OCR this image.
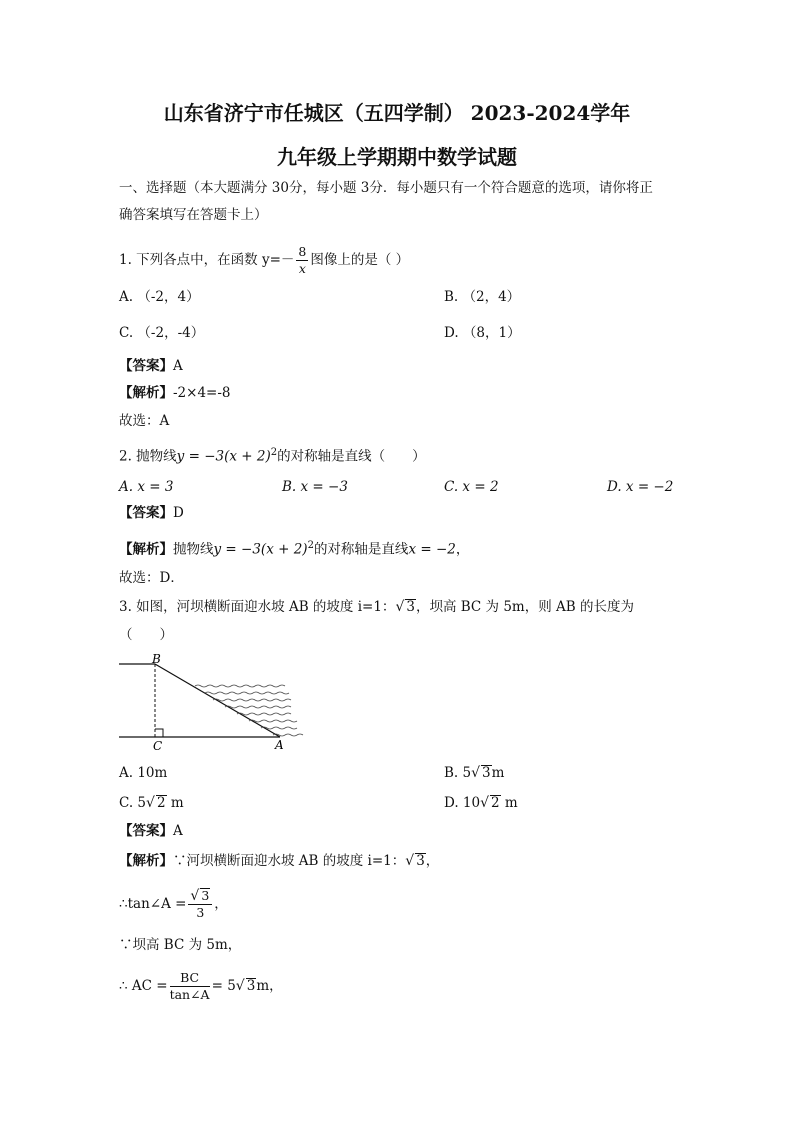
山东省济宁市任城区（五四学制） 2023-2024学年
九年级上学期期中数学试题
一、选择题（本大题满分 30分，每小题 3分．每小题只有一个符合题意的选项，请你将正
确答案填写在答题卡上）
1. 下列各点中，在函数 $y=- \frac{8}{x}$ 图像上的是（ ）
A. （-2，4）	B. （2，4）
C. （-2，-4）	D. （8，1）
【答案】A
【解析】-2×4=-8
故选：A
2. 抛物线$y = -3(x + 2)^2$的对称轴是直线（　　）
A. x = 3	B. x = −3	C. x = 2	D. x = −2
【答案】D
【解析】抛物线$y = -3(x + 2)^2$的对称轴是直线x = −2，
故选：D．
3. 如图，河坝横断面迎水坡 AB 的坡度 i=1：√ 3，坝高 BC 为 5m，则 AB 的长度为
（　　）
B
C	A
A. 10m	B. 5√ 3m
C. 5√ 2 m	D. 10√ 2 m
【答案】A
【解析】∵河坝横断面迎水坡 AB 的坡度 i=1：√ 3，
∴tan∠A = $\frac{√ 3}{3}$ ，
∵坝高 BC 为 5m，
∴ AC = $\frac{BC}{\tan\angle A} = 5√$ 3m，
